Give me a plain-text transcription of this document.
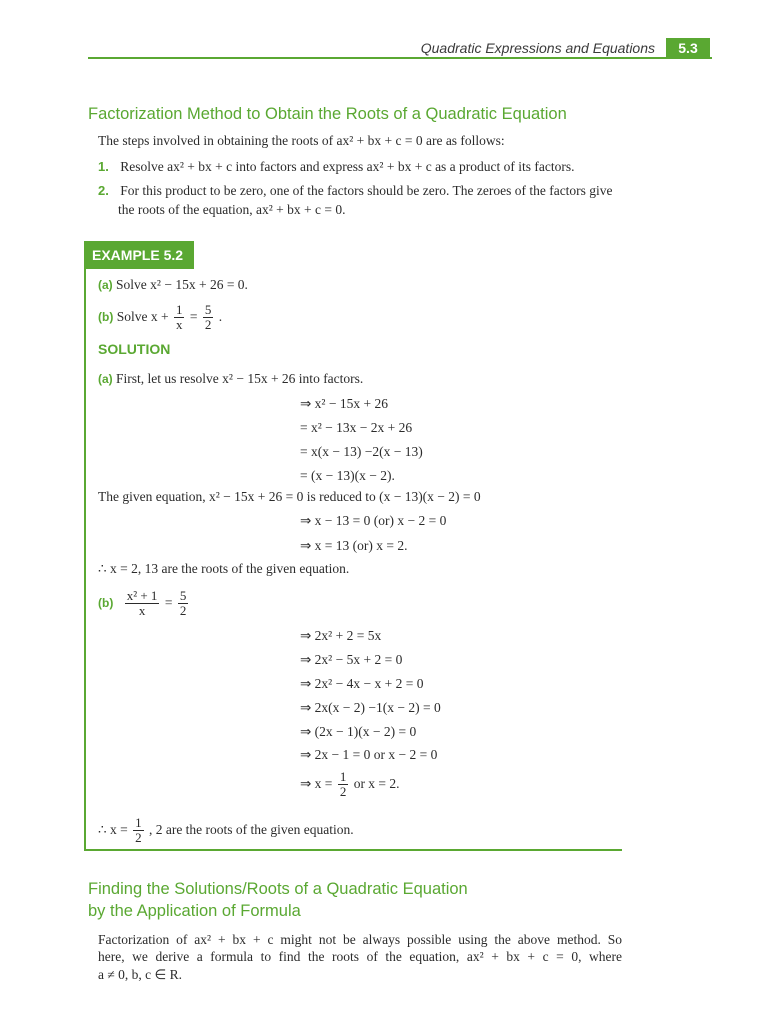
Quadratic Expressions and Equations	5.3
Factorization Method to Obtain the Roots of a Quadratic Equation

The steps involved in obtaining the roots of ax² + bx + c = 0 are as follows:

1. Resolve ax² + bx + c into factors and express ax² + bx + c as a product of its factors.
2. For this product to be zero, one of the factors should be zero. The zeroes of the factors give
the roots of the equation, ax² + bx + c = 0.
EXAMPLE 5.2
(a) Solve x² − 15x + 26 = 0.
(b) Solve $x + \frac{1}{x} = \frac{5}{2}$ .
SOLUTION
(a) First, let us resolve x² − 15x + 26 into factors.
⇒ x² − 15x + 26
= x² − 13x − 2x + 26
= x(x − 13) −2(x − 13)
= (x − 13)(x − 2).
The given equation, x² − 15x + 26 = 0 is reduced to (x − 13)(x − 2) = 0
⇒ x − 13 = 0 (or) x − 2 = 0
⇒ x = 13 (or) x = 2.
∴ x = 2, 13 are the roots of the given equation.
$(b) \frac{\text{x² + 1}}{x} = \frac{5}{2}$
⇒ 2x² + 2 = 5x
⇒ 2x² − 5x + 2 = 0
⇒ 2x² − 4x − x + 2 = 0
⇒ 2x(x − 2) −1(x − 2) = 0
⇒ (2x − 1)(x − 2) = 0
⇒ 2x − 1 = 0 or x − 2 = 0
⇒ $x = \frac{1}{2}$ or x = 2.
∴ $x = \frac{1}{2}$ , 2 are the roots of the given equation.
Finding the Solutions/Roots of a Quadratic Equation
by the Application of Formula

Factorization of ax² + bx + c might not be always possible using the above method. So

here, we derive a formula to find the roots of the equation, ax² + bx + c = 0, where

a ≠ 0, b, c ∈ R.
